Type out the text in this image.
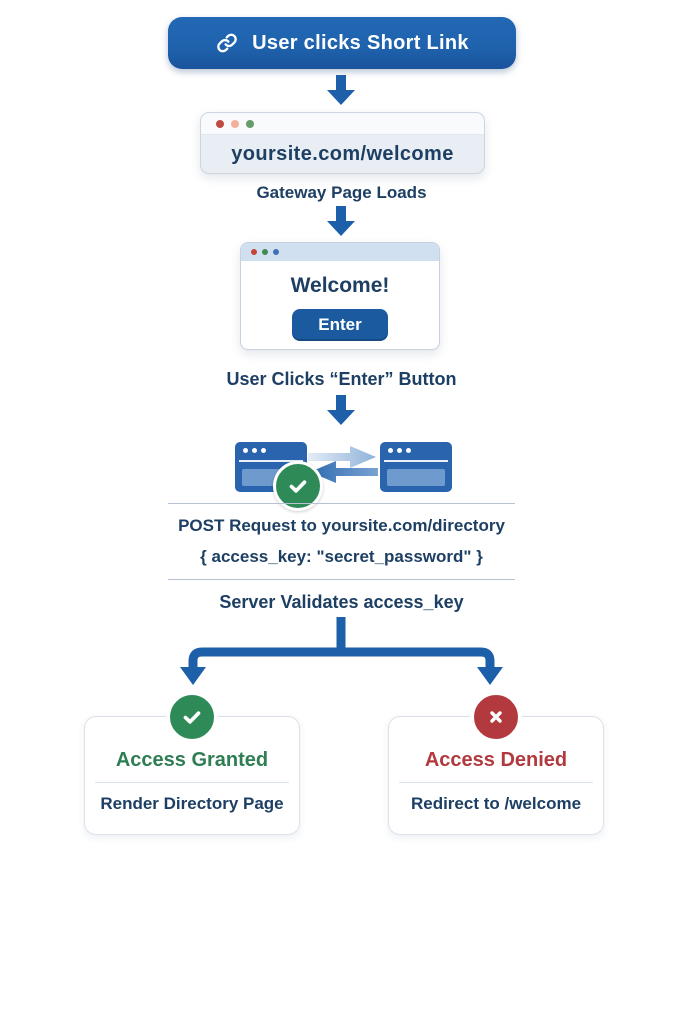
User clicks Short Link
yoursite.com/welcome
Gateway Page Loads
Welcome!
Enter
User Clicks “Enter” Button
POST Request to yoursite.com/directory
{ access_key: "secret_password" }
Server Validates access_key
Access Granted
Render Directory Page
Access Denied
Redirect to /welcome
